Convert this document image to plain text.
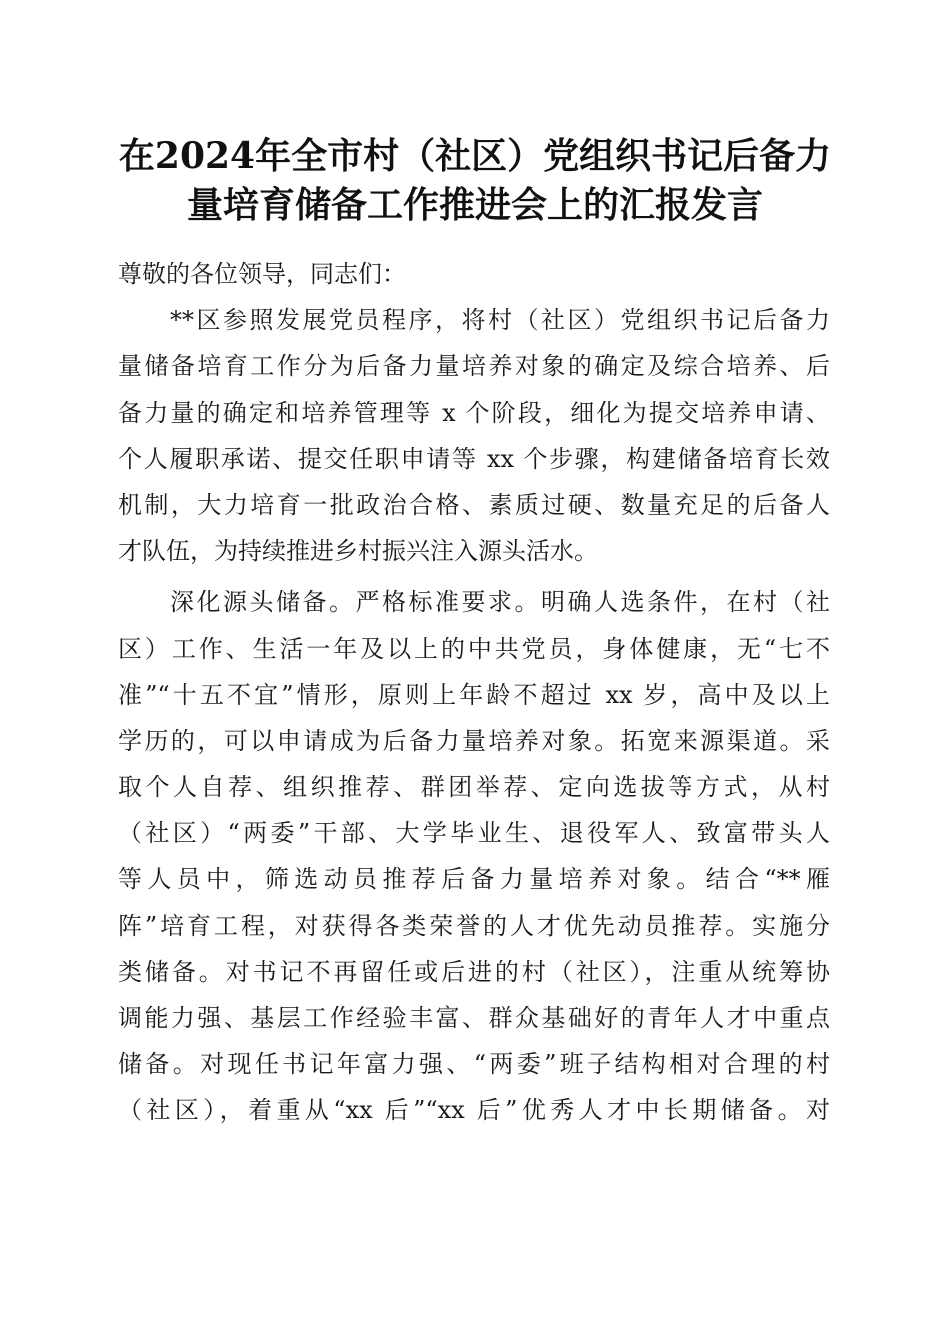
在2024年全市村（社区）党组织书记后备力
量培育储备工作推进会上的汇报发言
尊敬的各位领导，同志们：
**区参照发展党员程序，将村（社区）党组织书记后备力
量储备培育工作分为后备力量培养对象的确定及综合培养、后
备力量的确定和培养管理等 x 个阶段，细化为提交培养申请、
个人履职承诺、提交任职申请等 xx 个步骤，构建储备培育长效
机制，大力培育一批政治合格、素质过硬、数量充足的后备人
才队伍，为持续推进乡村振兴注入源头活水。
深化源头储备。严格标准要求。明确人选条件，在村（社
区）工作、生活一年及以上的中共党员，身体健康，无“七不
准”“十五不宜”情形，原则上年龄不超过 xx 岁，高中及以上
学历的，可以申请成为后备力量培养对象。拓宽来源渠道。采
取个人自荐、组织推荐、群团举荐、定向选拔等方式，从村
（社区）“两委”干部、大学毕业生、退役军人、致富带头人
等人员中，筛选动员推荐后备力量培养对象。结合“**雁
阵”培育工程，对获得各类荣誉的人才优先动员推荐。实施分
类储备。对书记不再留任或后进的村（社区），注重从统筹协
调能力强、基层工作经验丰富、群众基础好的青年人才中重点
储备。对现任书记年富力强、“两委”班子结构相对合理的村
（社区），着重从“xx 后”“xx 后”优秀人才中长期储备。对
